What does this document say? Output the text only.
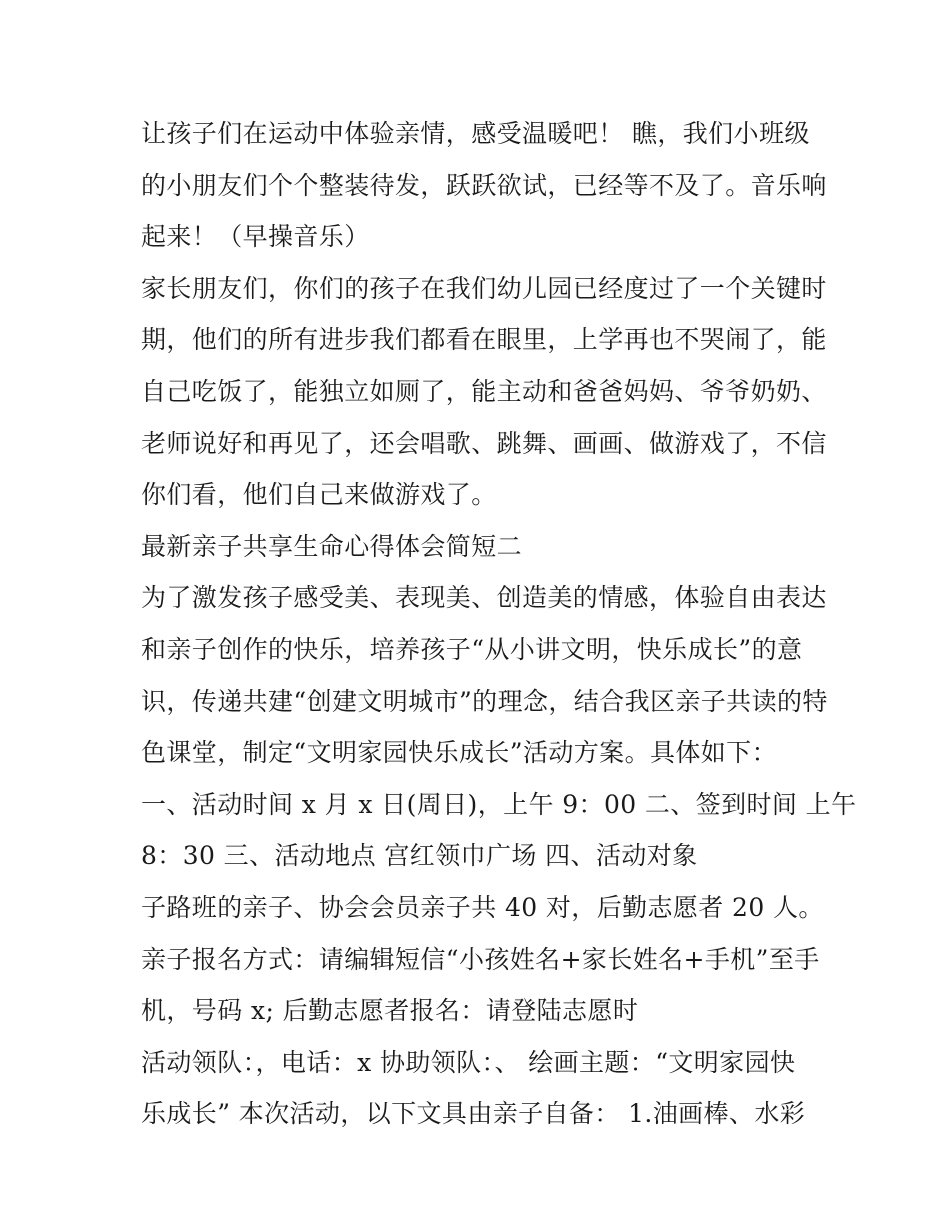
让孩子们在运动中体验亲情，感受温暖吧！ 瞧，我们小班级
的小朋友们个个整装待发，跃跃欲试，已经等不及了。音乐响
起来！（早操音乐）
家长朋友们，你们的孩子在我们幼儿园已经度过了一个关键时
期，他们的所有进步我们都看在眼里，上学再也不哭闹了，能
自己吃饭了，能独立如厕了，能主动和爸爸妈妈、爷爷奶奶、
老师说好和再见了，还会唱歌、跳舞、画画、做游戏了，不信
你们看，他们自己来做游戏了。
最新亲子共享生命心得体会简短二
为了激发孩子感受美、表现美、创造美的情感，体验自由表达
和亲子创作的快乐，培养孩子“从小讲文明，快乐成长”的意
识，传递共建“创建文明城市”的理念，结合我区亲子共读的特
色课堂，制定“文明家园快乐成长”活动方案。具体如下：
一、活动时间 x 月 x 日(周日)，上午 9：00 二、签到时间 上午
8：30 三、活动地点 宫红领巾广场 四、活动对象
子路班的亲子、协会会员亲子共 40 对，后勤志愿者 20 人。
亲子报名方式：请编辑短信“小孩姓名+家长姓名+手机”至手
机，号码 x; 后勤志愿者报名：请登陆志愿时
活动领队：，电话：x 协助领队：、 绘画主题：“文明家园快
乐成长” 本次活动，以下文具由亲子自备： 1.油画棒、水彩
